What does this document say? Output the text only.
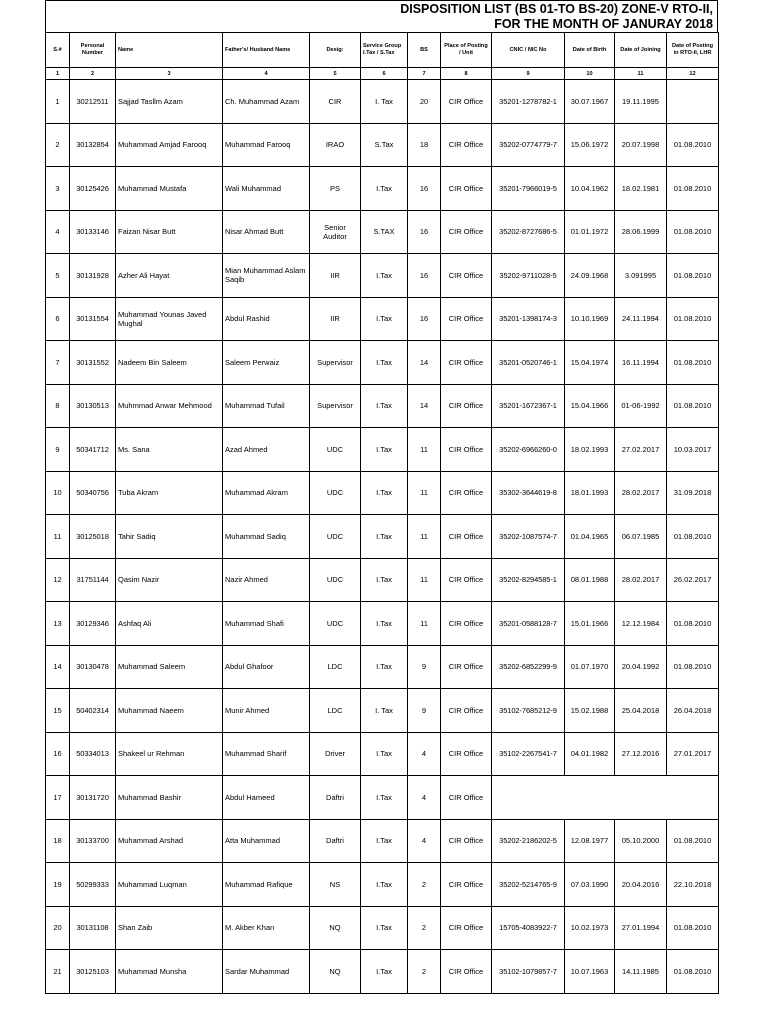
DISPOSITION LIST (BS 01-TO BS-20) ZONE-V RTO-II,
FOR THE MONTH OF JANURAY 2018
S.#	Personal Number	Name	Father's/ Husband Name	Desig:	Service Group I.Tax / S.Tax	BS	Place of Posting / Unit	CNIC / NIC No	Date of Birth	Date of Joining	Date of Posting in RTO-II, LHR
1	2	3	4	5	6	7	8	9	10	11	12
1	30212511	Sajjad Tasllm Azam	Ch. Muhammad Azam	CIR	I. Tax	20	CIR Office	35201-1278782-1	30.07.1967	19.11.1995	
2	30132854	Muhammad Amjad Farooq	Muhammad Farooq	IRAO	S.Tax	18	CIR Office	35202-0774779-7	15.06.1972	20.07.1998	01.08.2010
3	30125426	Muhammad Mustafa	Wali Muhammad	PS	I.Tax	16	CIR Office	35201-7966019-5	10.04.1962	18.02.1981	01.08.2010
4	30133146	Faizan Nisar Butt	Nisar Ahmad Butt	Senior Auditor	S.TAX	16	CIR Office	35202-8727686-5	01.01.1972	28.06.1999	01.08.2010
5	30131928	Azher Ali Hayat	Mian Muhammad Aslam Saqib	IIR	I.Tax	16	CIR Office	35202-9711028-5	24.09.1968	3.091995	01.08.2010
6	30131554	Muhammad Younas Javed Mughal	Abdul Rashid	IIR	I.Tax	16	CIR Office	35201-1398174-3	10.10.1969	24.11.1994	01.08.2010
7	30131552	Nadeem Bin Saleem	Saleem Perwaiz	Supervisor	I.Tax	14	CIR Office	35201-0520746-1	15.04.1974	16.11.1994	01.08.2010
8	30130513	Muhmmad Anwar Mehmood	Muhammad Tufail	Supervisor	I.Tax	14	CIR Office	35201-1672367-1	15.04.1966	01-06-1992	01.08.2010
9	50341712	Ms. Sana	Azad Ahmed	UDC	I.Tax	11	CIR Office	35202-6966260-0	18.02.1993	27.02.2017	10.03.2017
10	50340756	Tuba Akram	Muhammad Akram	UDC	I.Tax	11	CIR Office	35302-3644619-8	18.01.1993	28.02.2017	31.09.2018
11	30125018	Tahir Sadiq	Muhammad Sadiq	UDC	I.Tax	11	CIR Office	35202-1087574-7	01.04.1965	06.07.1985	01.08.2010
12	31751144	Qasim Nazir	Nazir Ahmed	UDC	I.Tax	11	CIR Office	35202-8294585-1	08.01.1988	28.02.2017	26.02.2017
13	30129346	Ashfaq Ali	Muhammad Shafi	UDC	I.Tax	11	CIR Office	35201-0588128-7	15.01.1966	12.12.1984	01.08.2010
14	30130478	Muhammad Saleem	Abdul Ghafoor	LDC	I.Tax	9	CIR Office	35202-6852299-9	01.07.1970	20.04.1992	01.08.2010
15	50402314	Muhammad Naeem	Munir Ahmed	LDC	I. Tax	9	CIR Office	35102-7685212-9	15.02.1988	25.04.2018	26.04.2018
16	50334013	Shakeel ur Rehman	Muhammad Sharif	Driver	I.Tax	4	CIR Office	35102-2267541-7	04.01.1982	27.12.2016	27.01.2017
17	30131720	Muhammad Bashir	Abdul Hameed	Daftri	I.Tax	4	CIR Office				
18	30133700	Muhammad Arshad	Atta Muhammad	Daftri	I.Tax	4	CIR Office	35202-2186202-5	12.08.1977	05.10.2000	01.08.2010
19	50299333	Muhammad Luqman	Muhammad Rafique	NS	I.Tax	2	CIR Office	35202-5214765-9	07.03.1990	20.04.2016	22.10.2018
20	30131108	Shan Zaib	M. Akber Khan	NQ	I.Tax	2	CIR Office	15705-4083922-7	10.02.1973	27.01.1994	01.08.2010
21	30125103	Muhammad Munsha	Sardar Muhammad	NQ	I.Tax	2	CIR Office	35102-1079857-7	10.07.1963	14.11.1985	01.08.2010
